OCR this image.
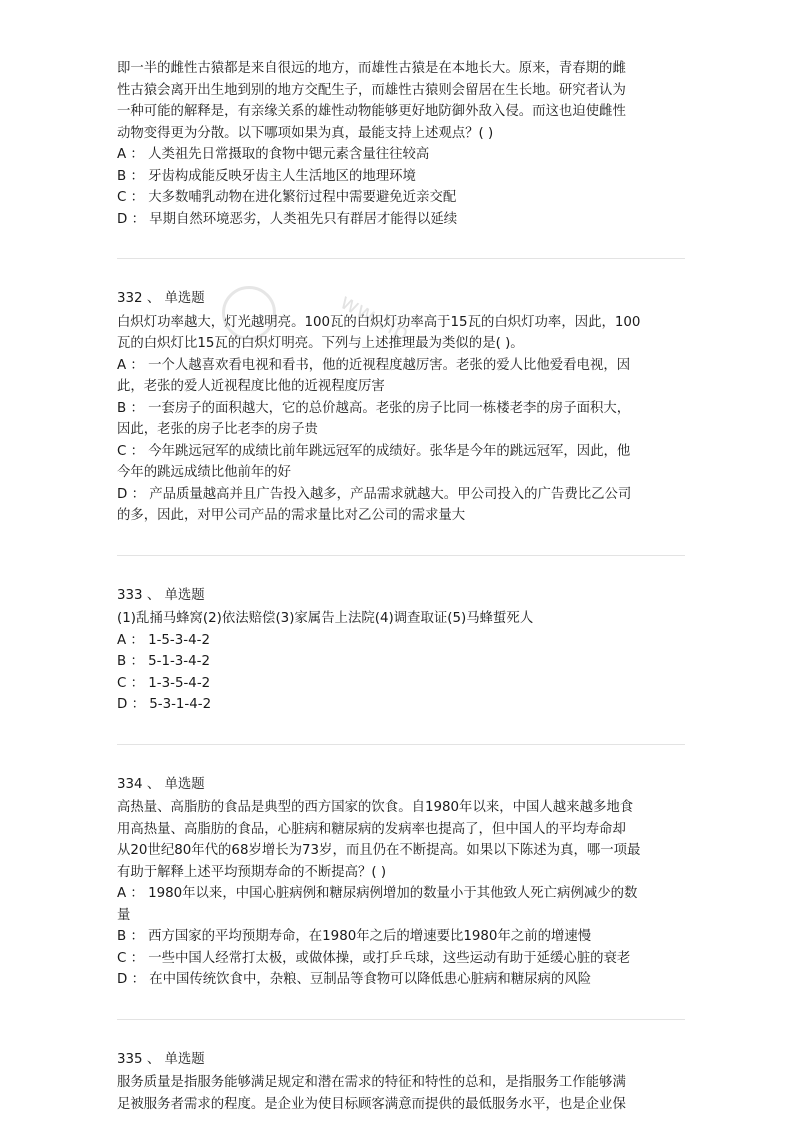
ww.vip

即一半的雌性古猿都是来自很远的地方，而雄性古猿是在本地长大。原来，青春期的雌

性古猿会离开出生地到别的地方交配生子，而雄性古猿则会留居在生长地。研究者认为

一种可能的解释是，有亲缘关系的雄性动物能够更好地防御外敌入侵。而这也迫使雌性

动物变得更为分散。以下哪项如果为真，最能支持上述观点？( )

A ： 人类祖先日常摄取的食物中锶元素含量往往较高

B ： 牙齿构成能反映牙齿主人生活地区的地理环境

C ： 大多数哺乳动物在进化繁衍过程中需要避免近亲交配

D ： 早期自然环境恶劣，人类祖先只有群居才能得以延续

332 、 单选题

白炽灯功率越大，灯光越明亮。100瓦的白炽灯功率高于15瓦的白炽灯功率，因此，100

瓦的白炽灯比15瓦的白炽灯明亮。下列与上述推理最为类似的是( )。

A ： 一个人越喜欢看电视和看书，他的近视程度越厉害。老张的爱人比他爱看电视，因

此，老张的爱人近视程度比他的近视程度厉害

B ： 一套房子的面积越大，它的总价越高。老张的房子比同一栋楼老李的房子面积大，

因此，老张的房子比老李的房子贵

C ： 今年跳远冠军的成绩比前年跳远冠军的成绩好。张华是今年的跳远冠军，因此，他

今年的跳远成绩比他前年的好

D ： 产品质量越高并且广告投入越多，产品需求就越大。甲公司投入的广告费比乙公司

的多，因此，对甲公司产品的需求量比对乙公司的需求量大

333 、 单选题

(1)乱捅马蜂窝(2)依法赔偿(3)家属告上法院(4)调查取证(5)马蜂蜇死人

A ： 1-5-3-4-2

B ： 5-1-3-4-2

C ： 1-3-5-4-2

D ： 5-3-1-4-2

334 、 单选题

高热量、高脂肪的食品是典型的西方国家的饮食。自1980年以来，中国人越来越多地食

用高热量、高脂肪的食品，心脏病和糖尿病的发病率也提高了，但中国人的平均寿命却

从20世纪80年代的68岁增长为73岁，而且仍在不断提高。如果以下陈述为真，哪一项最

有助于解释上述平均预期寿命的不断提高？( )

A ： 1980年以来，中国心脏病例和糖尿病例增加的数量小于其他致人死亡病例减少的数

量

B ： 西方国家的平均预期寿命，在1980年之后的增速要比1980年之前的增速慢

C ： 一些中国人经常打太极，或做体操，或打乒乓球，这些运动有助于延缓心脏的衰老

D ： 在中国传统饮食中，杂粮、豆制品等食物可以降低患心脏病和糖尿病的风险

335 、 单选题

服务质量是指服务能够满足规定和潜在需求的特征和特性的总和，是指服务工作能够满

足被服务者需求的程度。是企业为使目标顾客满意而提供的最低服务水平，也是企业保
